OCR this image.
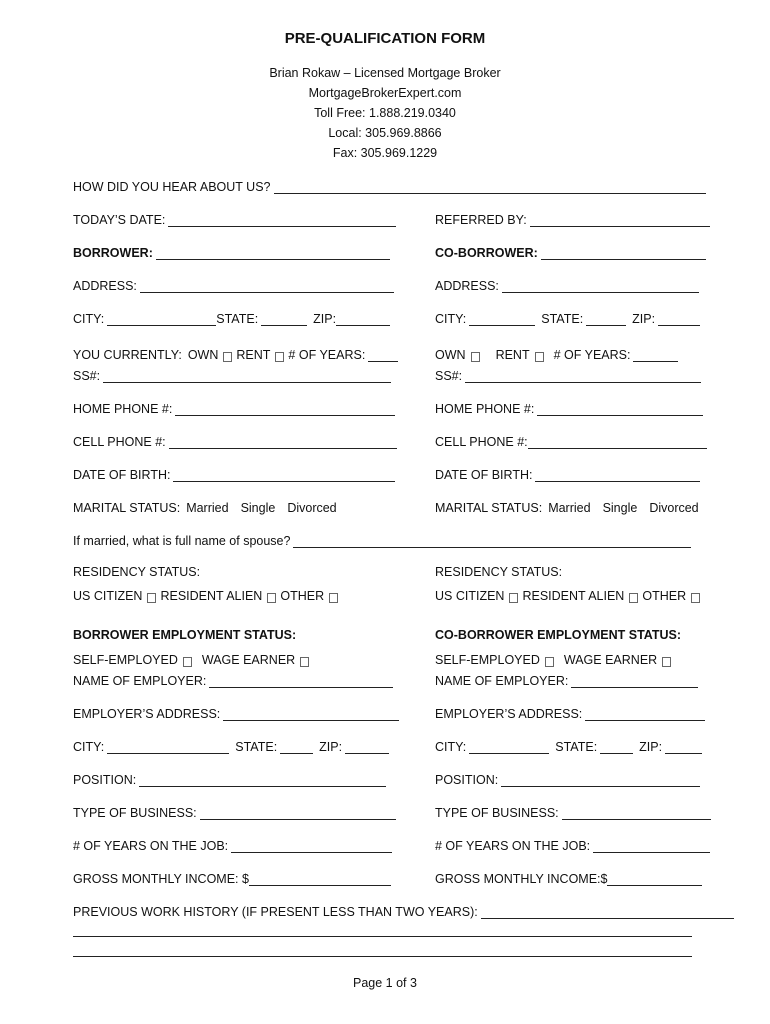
PRE-QUALIFICATION FORM
Brian Rokaw – Licensed Mortgage Broker
MortgageBrokerExpert.com
Toll Free: 1.888.219.0340
Local: 305.969.8866
Fax: 305.969.1229
HOW DID YOU HEAR ABOUT US?
TODAY’S DATE:	REFERRED BY:
BORROWER:	CO-BORROWER:
ADDRESS:	ADDRESS:
CITY:	STATE:	ZIP:	CITY:	STATE:	ZIP:
YOU CURRENTLY: OWN RENT # OF YEARS:	OWN RENT # OF YEARS:
SS#:	SS#:
HOME PHONE #:	HOME PHONE #:
CELL PHONE #:	CELL PHONE #:
DATE OF BIRTH:	DATE OF BIRTH:
MARITAL STATUS: Married Single Divorced	MARITAL STATUS: Married Single Divorced
If married, what is full name of spouse?
RESIDENCY STATUS:	RESIDENCY STATUS:
US CITIZEN RESIDENT ALIEN OTHER	US CITIZEN RESIDENT ALIEN OTHER
BORROWER EMPLOYMENT STATUS:	CO-BORROWER EMPLOYMENT STATUS:
SELF-EMPLOYED WAGE EARNER	SELF-EMPLOYED WAGE EARNER
NAME OF EMPLOYER:	NAME OF EMPLOYER:
EMPLOYER’S ADDRESS:	EMPLOYER’S ADDRESS:
CITY:	STATE:	ZIP:	CITY:	STATE:	ZIP:
POSITION:	POSITION:
TYPE OF BUSINESS:	TYPE OF BUSINESS:
# OF YEARS ON THE JOB:	# OF YEARS ON THE JOB:
GROSS MONTHLY INCOME: $	GROSS MONTHLY INCOME:$
PREVIOUS WORK HISTORY (IF PRESENT LESS THAN TWO YEARS):
Page 1 of 3
